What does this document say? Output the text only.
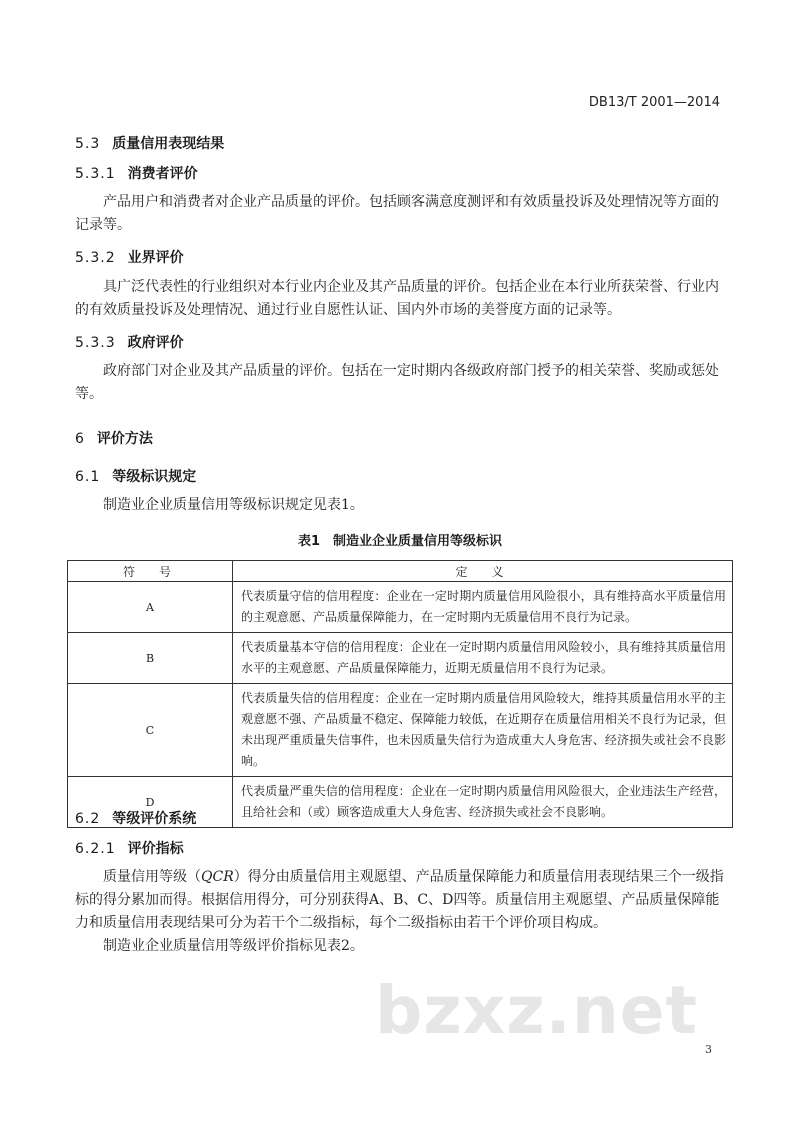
DB13/T 2001—2014
5.3 质量信用表现结果
5.3.1 消费者评价

产品用户和消费者对企业产品质量的评价。包括顾客满意度测评和有效质量投诉及处理情况等方面的记录等。

5.3.2 业界评价

具广泛代表性的行业组织对本行业内企业及其产品质量的评价。包括企业在本行业所获荣誉、行业内的有效质量投诉及处理情况、通过行业自愿性认证、国内外市场的美誉度方面的记录等。

5.3.3 政府评价

政府部门对企业及其产品质量的评价。包括在一定时期内各级政府部门授予的相关荣誉、奖励或惩处等。

6 评价方法
6.1 等级标识规定

制造业企业质量信用等级标识规定见表1。

表1　制造业企业质量信用等级标识
符　号	定　义
A	代表质量守信的信用程度：企业在一定时期内质量信用风险很小，具有维持高水平质量信用的主观意愿、产品质量保障能力，在一定时期内无质量信用不良行为记录。
B	代表质量基本守信的信用程度：企业在一定时期内质量信用风险较小，具有维持其质量信用水平的主观意愿、产品质量保障能力，近期无质量信用不良行为记录。
C	代表质量失信的信用程度：企业在一定时期内质量信用风险较大，维持其质量信用水平的主观意愿不强、产品质量不稳定、保障能力较低，在近期存在质量信用相关不良行为记录，但未出现严重质量失信事件，也未因质量失信行为造成重大人身危害、经济损失或社会不良影响。
D	代表质量严重失信的信用程度：企业在一定时期内质量信用风险很大，企业违法生产经营，且给社会和（或）顾客造成重大人身危害、经济损失或社会不良影响。
6.2 等级评价系统
6.2.1 评价指标

质量信用等级（QCR）得分由质量信用主观愿望、产品质量保障能力和质量信用表现结果三个一级指标的得分累加而得。根据信用得分，可分别获得A、B、C、D四等。质量信用主观愿望、产品质量保障能力和质量信用表现结果可分为若干个二级指标，每个二级指标由若干个评价项目构成。

制造业企业质量信用等级评价指标见表2。

bzxz.net
3
